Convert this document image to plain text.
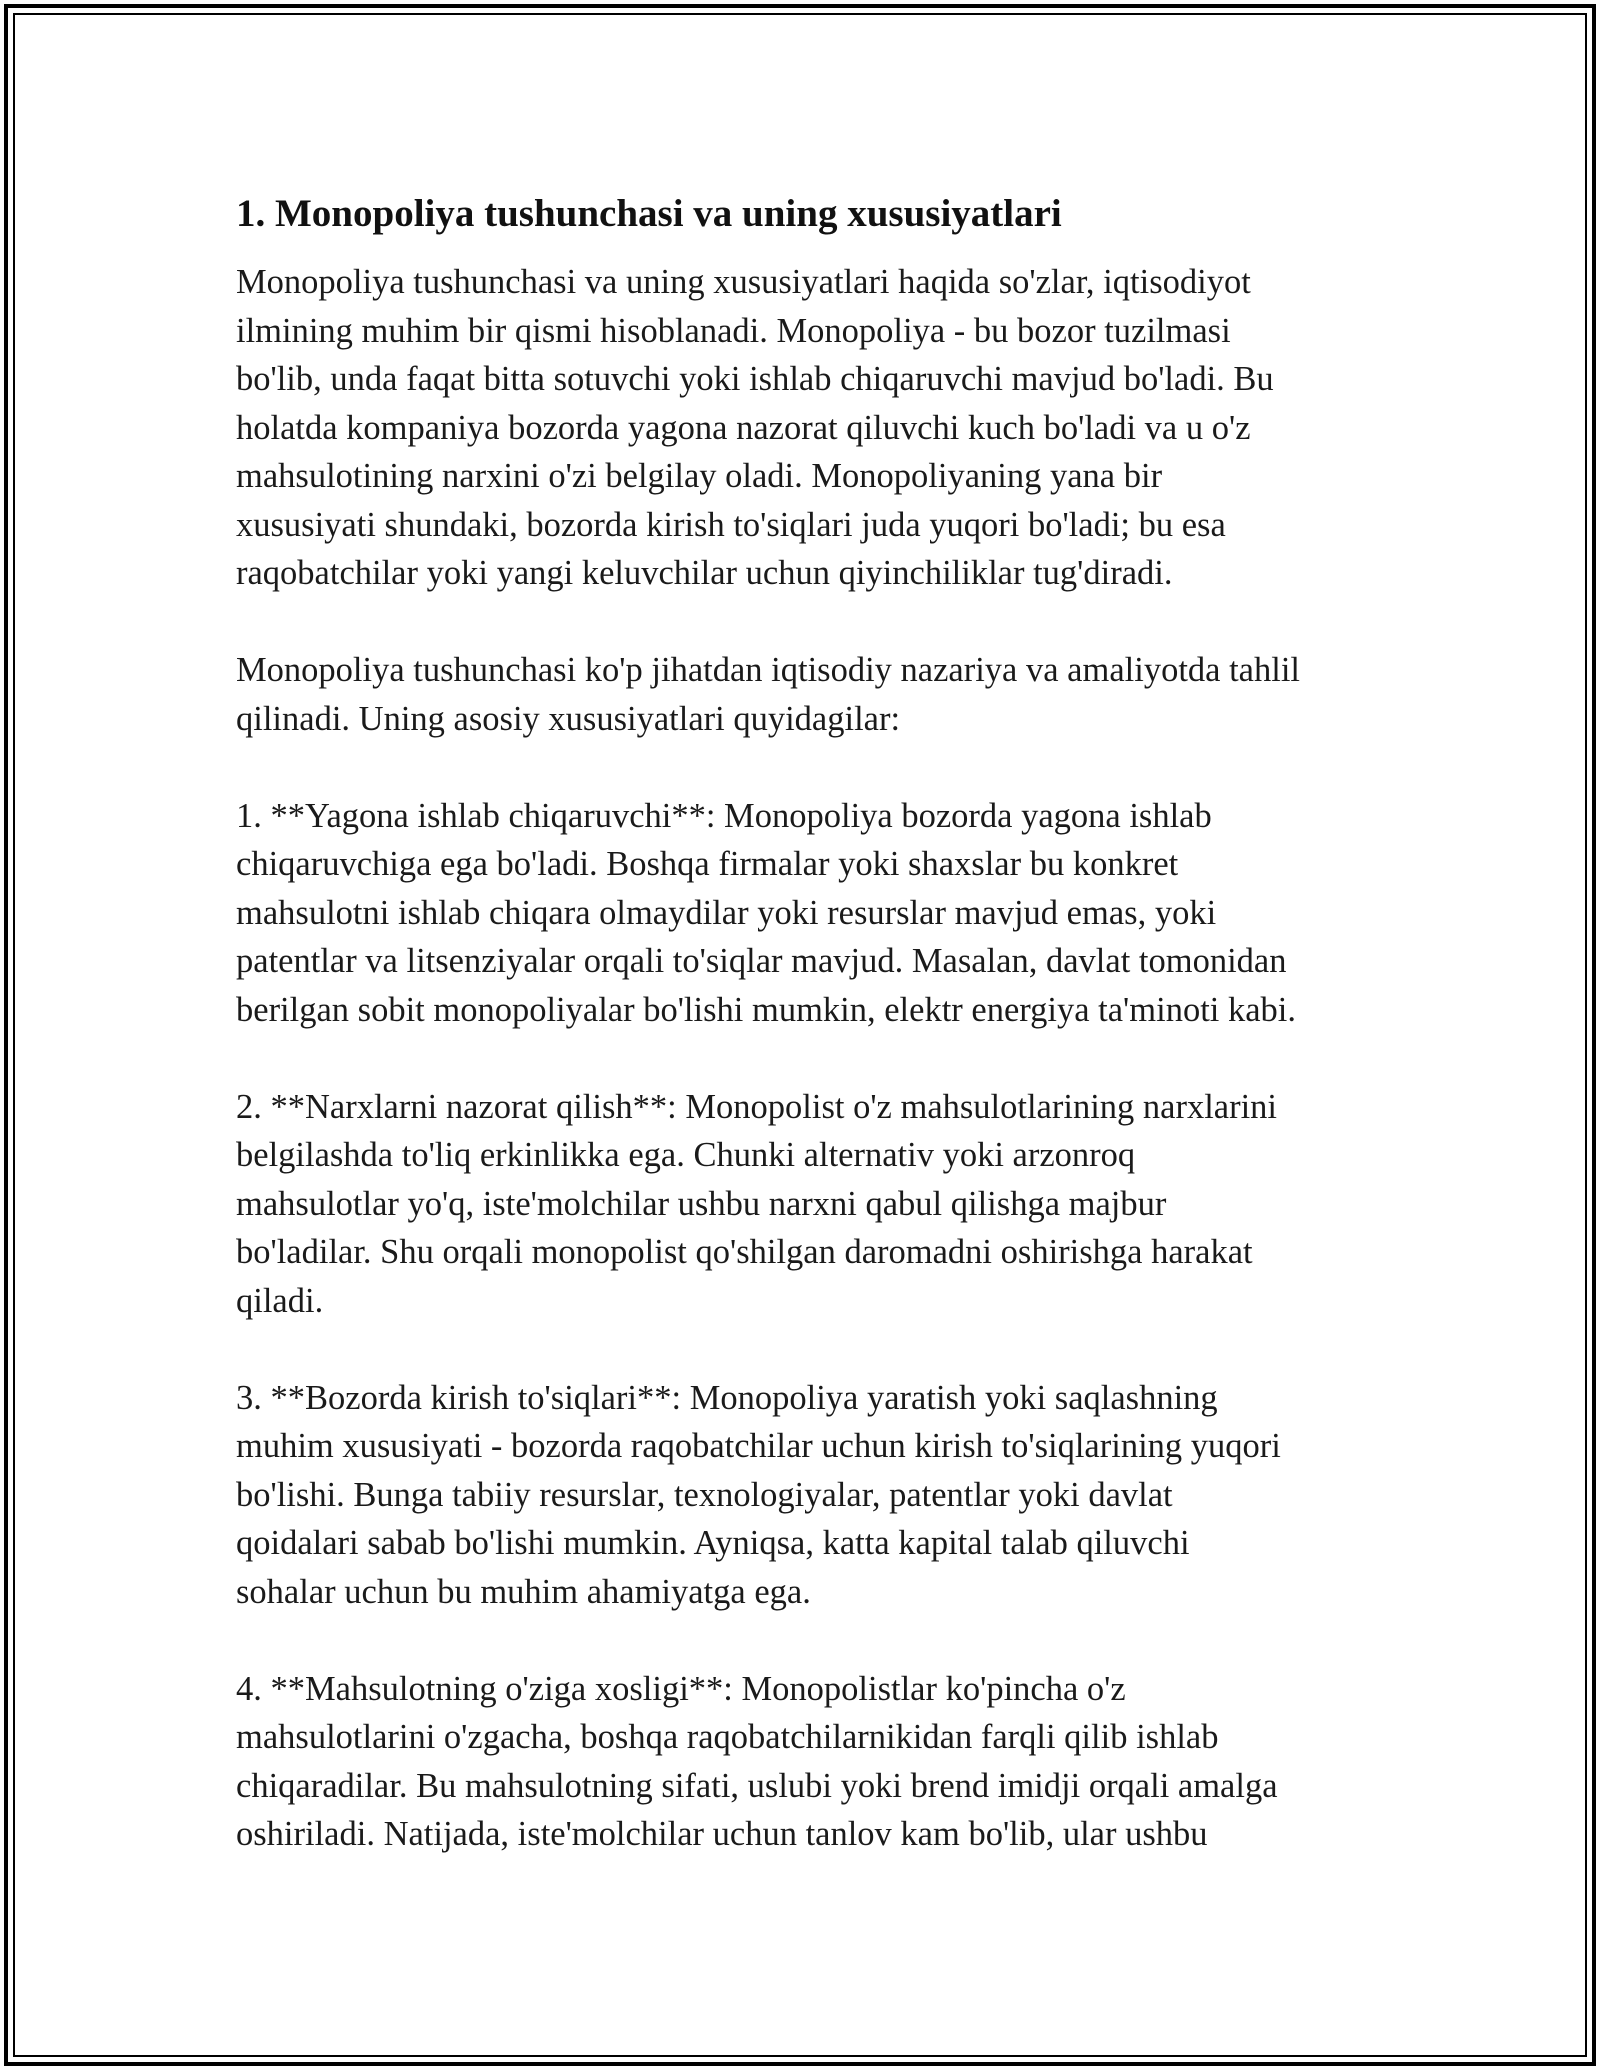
1. Monopoliya tushunchasi va uning xususiyatlari

Monopoliya tushunchasi va uning xususiyatlari haqida so'zlar, iqtisodiyot
ilmining muhim bir qismi hisoblanadi. Monopoliya - bu bozor tuzilmasi
bo'lib, unda faqat bitta sotuvchi yoki ishlab chiqaruvchi mavjud bo'ladi. Bu
holatda kompaniya bozorda yagona nazorat qiluvchi kuch bo'ladi va u o'z
mahsulotining narxini o'zi belgilay oladi. Monopoliyaning yana bir
xususiyati shundaki, bozorda kirish to'siqlari juda yuqori bo'ladi; bu esa
raqobatchilar yoki yangi keluvchilar uchun qiyinchiliklar tug'diradi.

Monopoliya tushunchasi ko'p jihatdan iqtisodiy nazariya va amaliyotda tahlil
qilinadi. Uning asosiy xususiyatlari quyidagilar:

1. **Yagona ishlab chiqaruvchi**: Monopoliya bozorda yagona ishlab
chiqaruvchiga ega bo'ladi. Boshqa firmalar yoki shaxslar bu konkret
mahsulotni ishlab chiqara olmaydilar yoki resurslar mavjud emas, yoki
patentlar va litsenziyalar orqali to'siqlar mavjud. Masalan, davlat tomonidan
berilgan sobit monopoliyalar bo'lishi mumkin, elektr energiya ta'minoti kabi.

2. **Narxlarni nazorat qilish**: Monopolist o'z mahsulotlarining narxlarini
belgilashda to'liq erkinlikka ega. Chunki alternativ yoki arzonroq
mahsulotlar yo'q, iste'molchilar ushbu narxni qabul qilishga majbur
bo'ladilar. Shu orqali monopolist qo'shilgan daromadni oshirishga harakat
qiladi.

3. **Bozorda kirish to'siqlari**: Monopoliya yaratish yoki saqlashning
muhim xususiyati - bozorda raqobatchilar uchun kirish to'siqlarining yuqori
bo'lishi. Bunga tabiiy resurslar, texnologiyalar, patentlar yoki davlat
qoidalari sabab bo'lishi mumkin. Ayniqsa, katta kapital talab qiluvchi
sohalar uchun bu muhim ahamiyatga ega.

4. **Mahsulotning o'ziga xosligi**: Monopolistlar ko'pincha o'z
mahsulotlarini o'zgacha, boshqa raqobatchilarnikidan farqli qilib ishlab
chiqaradilar. Bu mahsulotning sifati, uslubi yoki brend imidji orqali amalga
oshiriladi. Natijada, iste'molchilar uchun tanlov kam bo'lib, ular ushbu
